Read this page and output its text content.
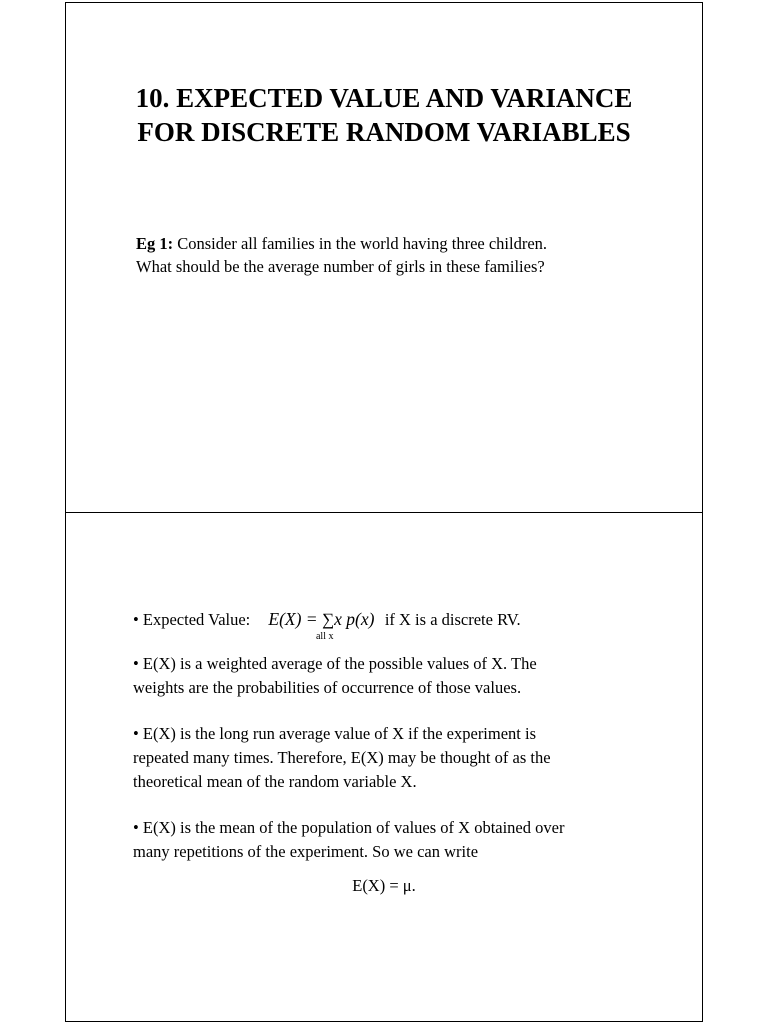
10. EXPECTED VALUE AND VARIANCE
FOR DISCRETE RANDOM VARIABLES
Eg 1: Consider all families in the world having three children.
What should be the average number of girls in these families?
• Expected Value: E(X) = ∑
all x
x p(x) if X is a discrete RV.
• E(X) is a weighted average of the possible values of X. The
weights are the probabilities of occurrence of those values.
• E(X) is the long run average value of X if the experiment is
repeated many times. Therefore, E(X) may be thought of as the
theoretical mean of the random variable X.
• E(X) is the mean of the population of values of X obtained over
many repetitions of the experiment. So we can write
E(X) = μ.
